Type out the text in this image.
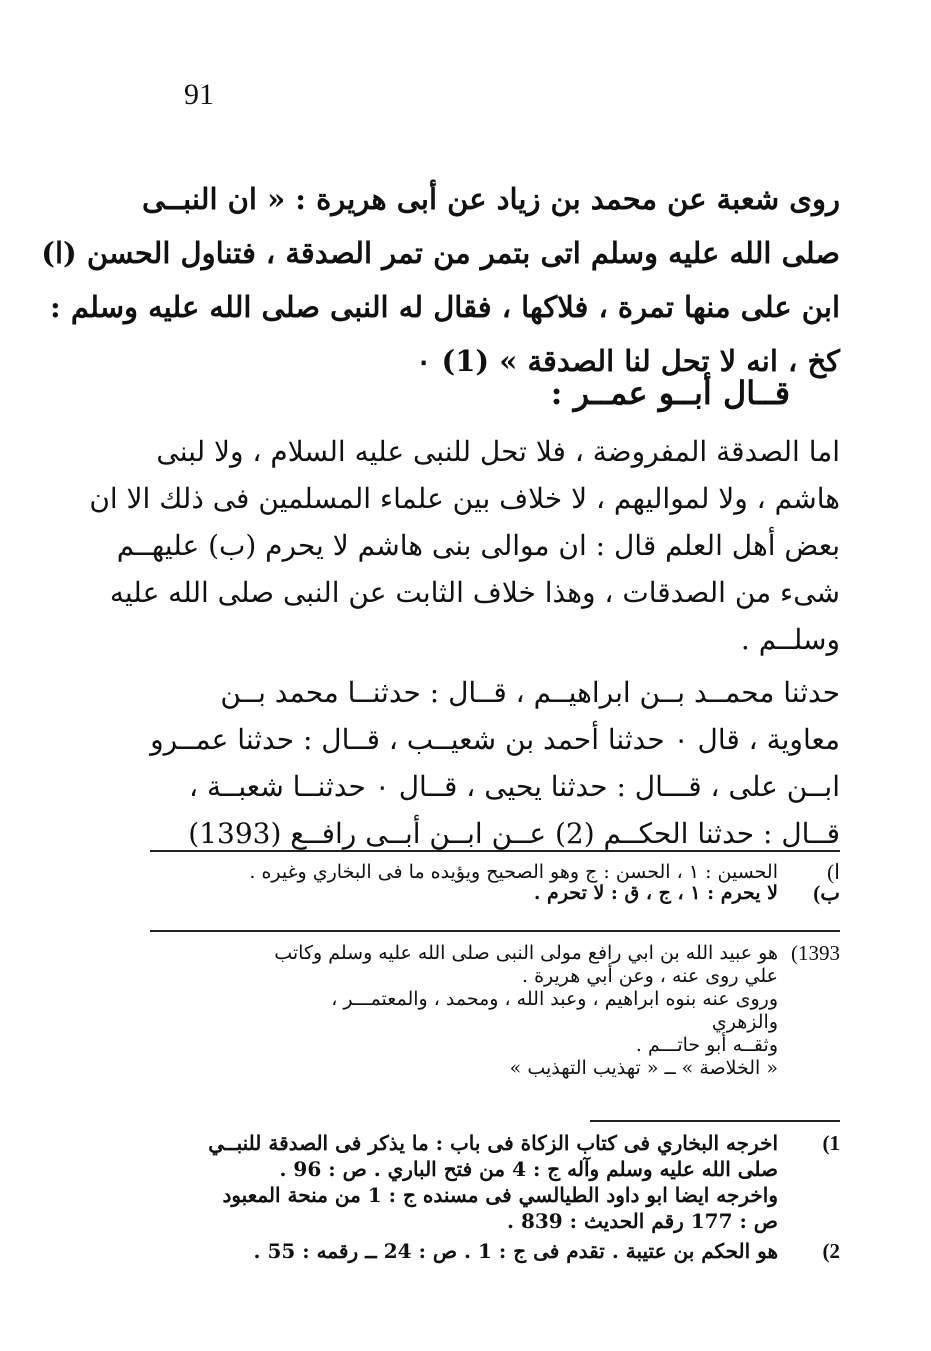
91
روى شعبة عن محمد بن زياد عن أبى هريرة : « ان النبــى
صلى الله عليه وسلم اتى بتمر من تمر الصدقة ، فتناول الحسن (ا)
ابن على منها تمرة ، فلاكها ، فقال له النبى صلى الله عليه وسلم :
كخ ، انه لا تحل لنا الصدقة » (1) ٠
قــال أبــو عمــر :
اما الصدقة المفروضة ، فلا تحل للنبى عليه السلام ، ولا لبنى
هاشم ، ولا لمواليهم ، لا خلاف بين علماء المسلمين فى ذلك الا ان
بعض أهل العلم قال : ان موالى بنى هاشم لا يحرم (ب) عليهــم
شىء من الصدقات ، وهذا خلاف الثابت عن النبى صلى الله عليه
وسلــم .
حدثنا محمــد بــن ابراهيــم ، قــال : حدثنــا محمد بــن
معاوية ، قال ٠ حدثنا أحمد بن شعيــب ، قــال : حدثنا عمــرو
ابــن على ، قـــال : حدثنا يحيى ، قــال ٠ حدثنــا شعبــة ،
قــال : حدثنا الحكــم (2) عــن ابــن أبــى رافــع (1393)
ا)
الحسين : ١ ، الحسن : ج وهو الصحيح ويؤيده ما فى البخاري وغيره .
ب)
لا يحرم : ١ ، ج ، ق : لا تحرم .
1393)
هو عبيد الله بن ابي رافع مولى النبى صلى الله عليه وسلم وكاتب
علي روى عنه ، وعن أبي هريرة .
وروى عنه بنوه ابراهيم ، وعبد الله ، ومحمد ، والمعتمـــر ،
والزهري
وثقــه أبو حاتـــم .
« الخلاصة » ــ « تهذيب التهذيب »
1)
اخرجه البخاري فى كتاب الزكاة فى باب : ما يذكر فى الصدقة للنبــي
صلى الله عليه وسلم وآله ج : 4 من فتح الباري . ص : 96 .
واخرجه ايضا ابو داود الطيالسي فى مسنده ج : 1 من منحة المعبود
ص : 177 رقم الحديث : 839 .
2)
هو الحكم بن عتيبة . تقدم فى ج : 1 . ص : 24 ــ رقمه : 55 .
